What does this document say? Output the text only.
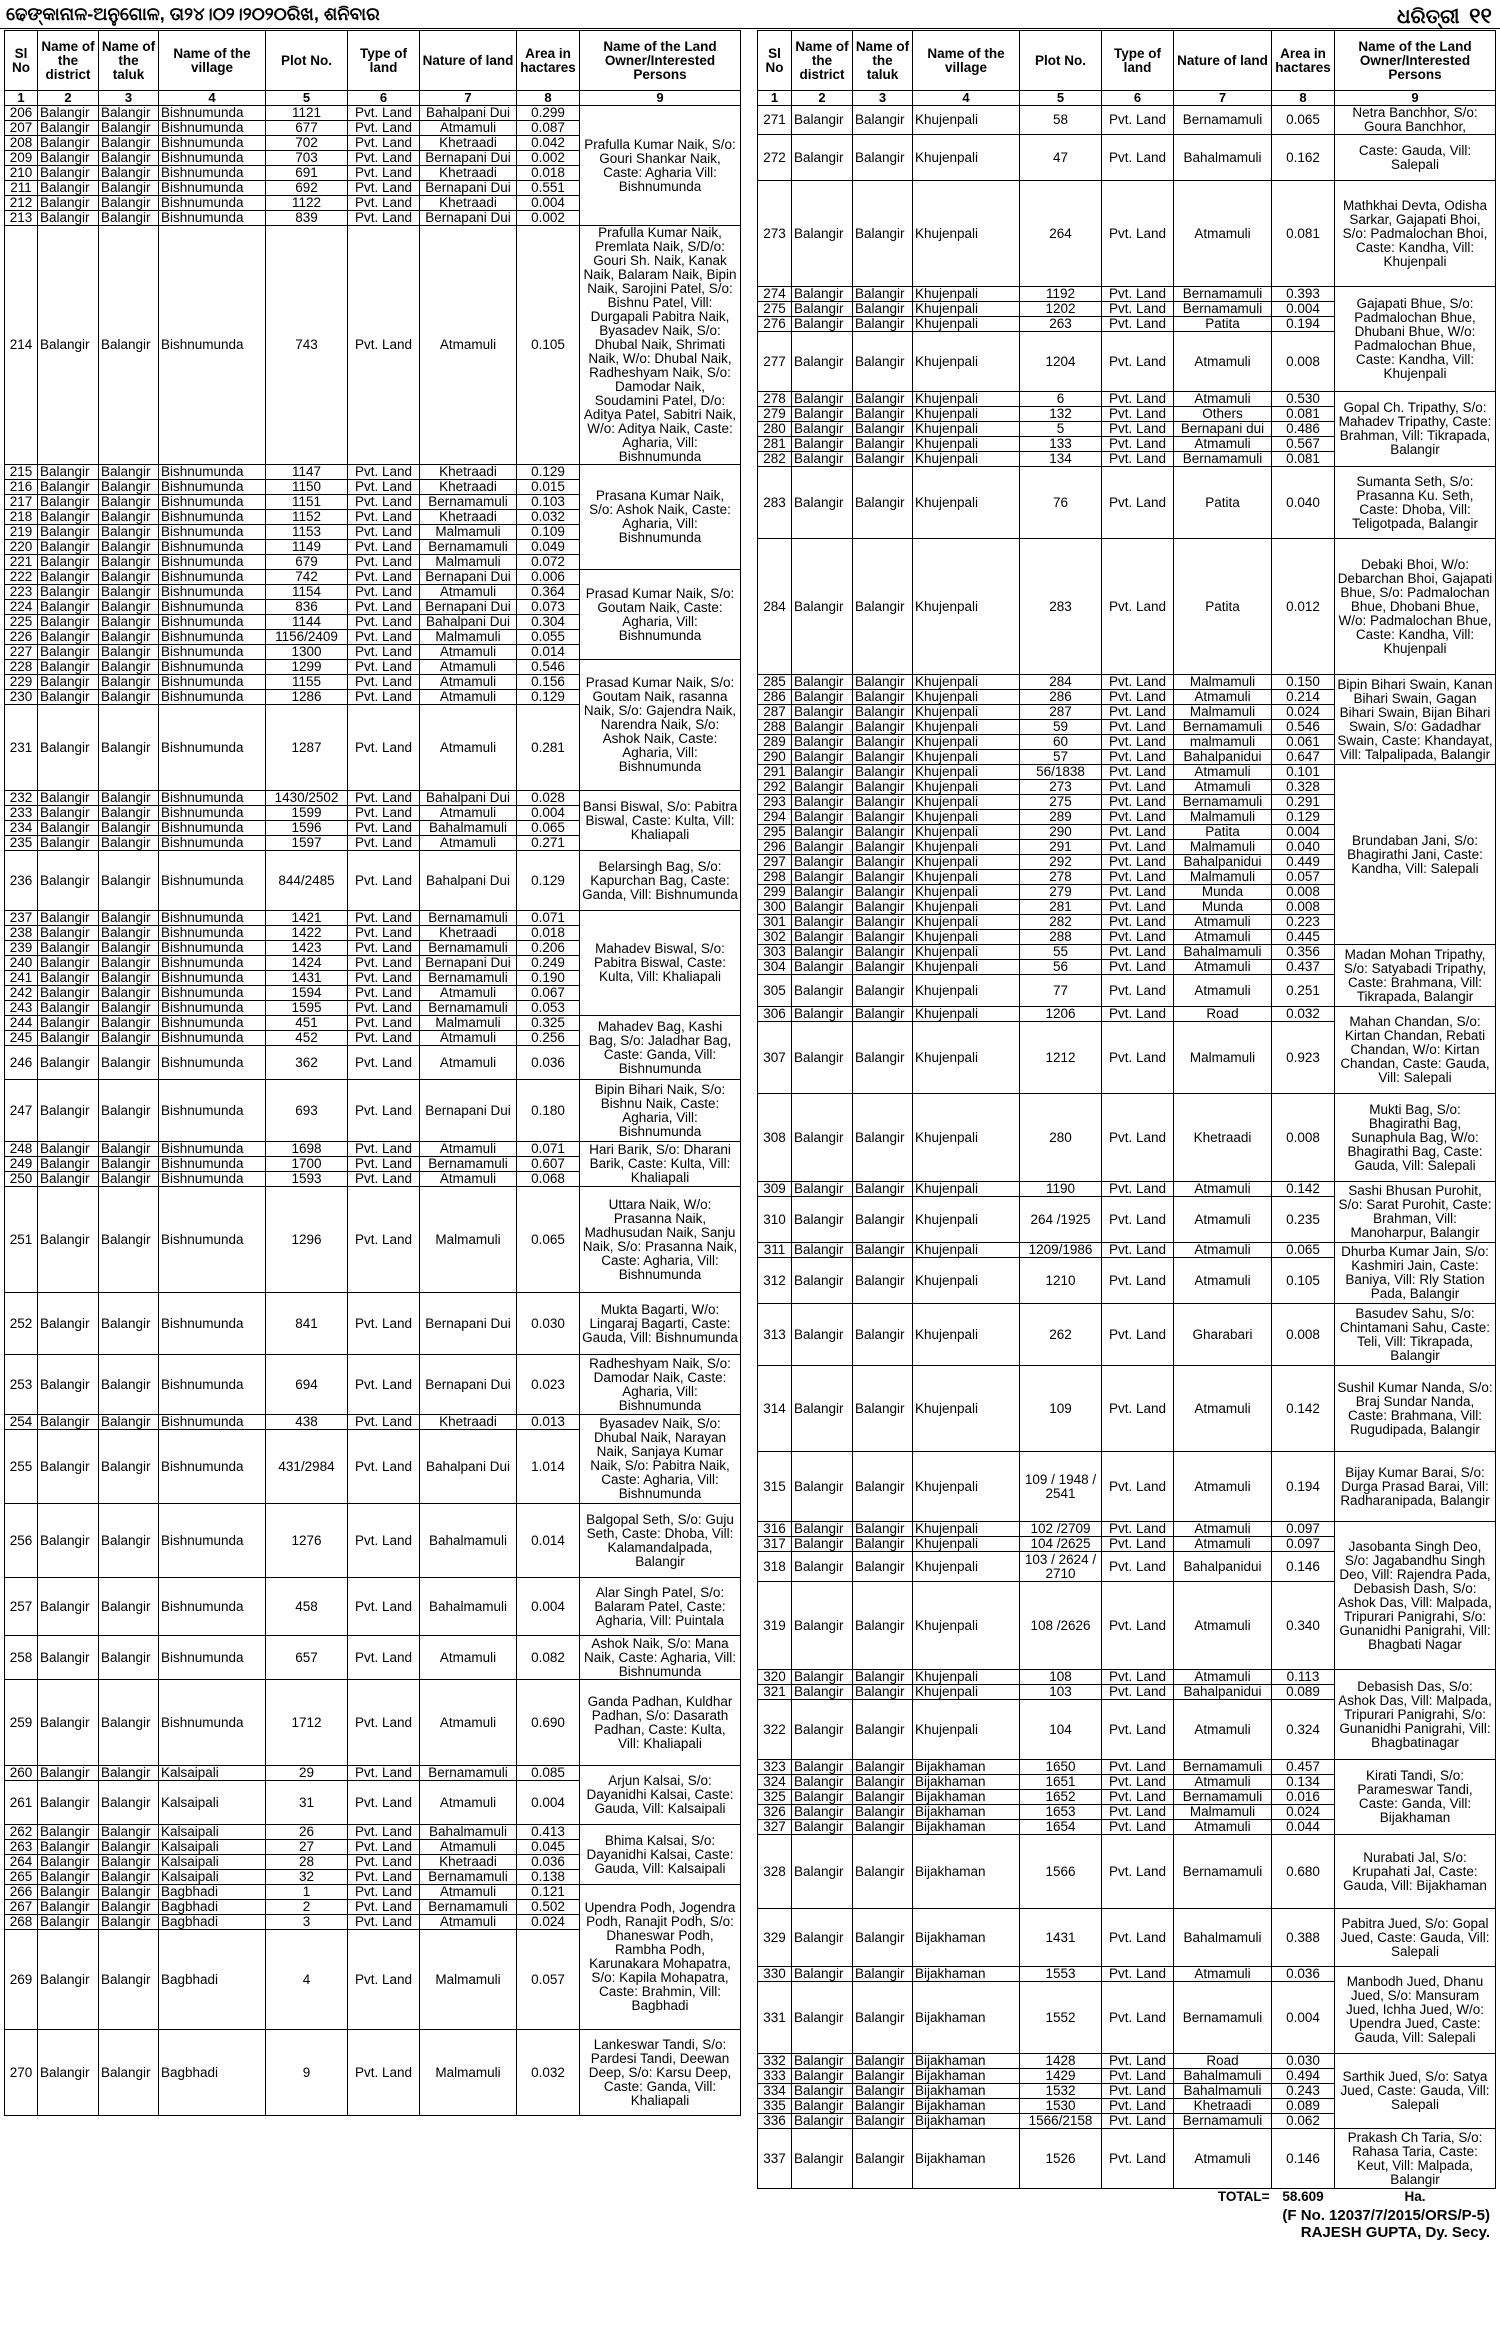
ଢେଙ୍କାନାଳ-ଅନୁଗୋଳ, ତା୨୪।୦୨।୨୦୨୦ରିଖ, ଶନିବାର	ଧରିତ୍ରୀ ୧୧
Sl No	Name of the district	Name of the taluk	Name of the village	Plot No.	Type of land	Nature of land	Area in hactares	Name of the Land Owner/Interested Persons
1	2	3	4	5	6	7	8	9
206	Balangir	Balangir	Bishnumunda	1121	Pvt. Land	Bahalpani Dui	0.299	Prafulla Kumar Naik, S/o: Gouri Shankar Naik, Caste: Agharia Vill: Bishnumunda
207	Balangir	Balangir	Bishnumunda	677	Pvt. Land	Atmamuli	0.087	
208	Balangir	Balangir	Bishnumunda	702	Pvt. Land	Khetraadi	0.042	
209	Balangir	Balangir	Bishnumunda	703	Pvt. Land	Bernapani Dui	0.002	
210	Balangir	Balangir	Bishnumunda	691	Pvt. Land	Khetraadi	0.018	
211	Balangir	Balangir	Bishnumunda	692	Pvt. Land	Bernapani Dui	0.551	
212	Balangir	Balangir	Bishnumunda	1122	Pvt. Land	Khetraadi	0.004	
213	Balangir	Balangir	Bishnumunda	839	Pvt. Land	Bernapani Dui	0.002	
214	Balangir	Balangir	Bishnumunda	743	Pvt. Land	Atmamuli	0.105	Prafulla Kumar Naik, Premlata Naik, S/D/o: Gouri Sh. Naik, Kanak Naik, Balaram Naik, Bipin Naik, Sarojini Patel, S/o: Bishnu Patel, Vill: Durgapali Pabitra Naik, Byasadev Naik, S/o: Dhubal Naik, Shrimati Naik, W/o: Dhubal Naik, Radheshyam Naik, S/o: Damodar Naik, Soudamini Patel, D/o: Aditya Patel, Sabitri Naik, W/o: Aditya Naik, Caste: Agharia, Vill: Bishnumunda
215	Balangir	Balangir	Bishnumunda	1147	Pvt. Land	Khetraadi	0.129	Prasana Kumar Naik, S/o: Ashok Naik, Caste: Agharia, Vill: Bishnumunda
216	Balangir	Balangir	Bishnumunda	1150	Pvt. Land	Khetraadi	0.015	
217	Balangir	Balangir	Bishnumunda	1151	Pvt. Land	Bernamamuli	0.103	
218	Balangir	Balangir	Bishnumunda	1152	Pvt. Land	Khetraadi	0.032	
219	Balangir	Balangir	Bishnumunda	1153	Pvt. Land	Malmamuli	0.109	
220	Balangir	Balangir	Bishnumunda	1149	Pvt. Land	Bernamamuli	0.049	
221	Balangir	Balangir	Bishnumunda	679	Pvt. Land	Malmamuli	0.072	
222	Balangir	Balangir	Bishnumunda	742	Pvt. Land	Bernapani Dui	0.006	Prasad Kumar Naik, S/o: Goutam Naik, Caste: Agharia, Vill: Bishnumunda
223	Balangir	Balangir	Bishnumunda	1154	Pvt. Land	Atmamuli	0.364	
224	Balangir	Balangir	Bishnumunda	836	Pvt. Land	Bernapani Dui	0.073	
225	Balangir	Balangir	Bishnumunda	1144	Pvt. Land	Bahalpani Dui	0.304	
226	Balangir	Balangir	Bishnumunda	1156/2409	Pvt. Land	Malmamuli	0.055	
227	Balangir	Balangir	Bishnumunda	1300	Pvt. Land	Atmamuli	0.014	
228	Balangir	Balangir	Bishnumunda	1299	Pvt. Land	Atmamuli	0.546	Prasad Kumar Naik, S/o: Goutam Naik, rasanna Naik, S/o: Gajendra Naik, Narendra Naik, S/o: Ashok Naik, Caste: Agharia, Vill: Bishnumunda
229	Balangir	Balangir	Bishnumunda	1155	Pvt. Land	Atmamuli	0.156	
230	Balangir	Balangir	Bishnumunda	1286	Pvt. Land	Atmamuli	0.129	
231	Balangir	Balangir	Bishnumunda	1287	Pvt. Land	Atmamuli	0.281	
232	Balangir	Balangir	Bishnumunda	1430/2502	Pvt. Land	Bahalpani Dui	0.028	Bansi Biswal, S/o: Pabitra Biswal, Caste: Kulta, Vill: Khaliapali
233	Balangir	Balangir	Bishnumunda	1599	Pvt. Land	Atmamuli	0.004	
234	Balangir	Balangir	Bishnumunda	1596	Pvt. Land	Bahalmamuli	0.065	
235	Balangir	Balangir	Bishnumunda	1597	Pvt. Land	Atmamuli	0.271	
236	Balangir	Balangir	Bishnumunda	844/2485	Pvt. Land	Bahalpani Dui	0.129	Belarsingh Bag, S/o: Kapurchan Bag, Caste: Ganda, Vill: Bishnumunda
237	Balangir	Balangir	Bishnumunda	1421	Pvt. Land	Bernamamuli	0.071	Mahadev Biswal, S/o: Pabitra Biswal, Caste: Kulta, Vill: Khaliapali
238	Balangir	Balangir	Bishnumunda	1422	Pvt. Land	Khetraadi	0.018	
239	Balangir	Balangir	Bishnumunda	1423	Pvt. Land	Bernamamuli	0.206	
240	Balangir	Balangir	Bishnumunda	1424	Pvt. Land	Bernapani Dui	0.249	
241	Balangir	Balangir	Bishnumunda	1431	Pvt. Land	Bernamamuli	0.190	
242	Balangir	Balangir	Bishnumunda	1594	Pvt. Land	Atmamuli	0.067	
243	Balangir	Balangir	Bishnumunda	1595	Pvt. Land	Bernamamuli	0.053	
244	Balangir	Balangir	Bishnumunda	451	Pvt. Land	Malmamuli	0.325	Mahadev Bag, Kashi Bag, S/o: Jaladhar Bag, Caste: Ganda, Vill: Bishnumunda
245	Balangir	Balangir	Bishnumunda	452	Pvt. Land	Atmamuli	0.256	
246	Balangir	Balangir	Bishnumunda	362	Pvt. Land	Atmamuli	0.036	
247	Balangir	Balangir	Bishnumunda	693	Pvt. Land	Bernapani Dui	0.180	Bipin Bihari Naik, S/o: Bishnu Naik, Caste: Agharia, Vill: Bishnumunda
248	Balangir	Balangir	Bishnumunda	1698	Pvt. Land	Atmamuli	0.071	Hari Barik, S/o: Dharani Barik, Caste: Kulta, Vill: Khaliapali
249	Balangir	Balangir	Bishnumunda	1700	Pvt. Land	Bernamamuli	0.607	
250	Balangir	Balangir	Bishnumunda	1593	Pvt. Land	Atmamuli	0.068	
251	Balangir	Balangir	Bishnumunda	1296	Pvt. Land	Malmamuli	0.065	Uttara Naik, W/o: Prasanna Naik, Madhusudan Naik, Sanju Naik, S/o: Prasanna Naik, Caste: Agharia, Vill: Bishnumunda
252	Balangir	Balangir	Bishnumunda	841	Pvt. Land	Bernapani Dui	0.030	Mukta Bagarti, W/o: Lingaraj Bagarti, Caste: Gauda, Vill: Bishnumunda
253	Balangir	Balangir	Bishnumunda	694	Pvt. Land	Bernapani Dui	0.023	Radheshyam Naik, S/o: Damodar Naik, Caste: Agharia, Vill: Bishnumunda
254	Balangir	Balangir	Bishnumunda	438	Pvt. Land	Khetraadi	0.013	Byasadev Naik, S/o: Dhubal Naik, Narayan Naik, Sanjaya Kumar Naik, S/o: Pabitra Naik, Caste: Agharia, Vill: Bishnumunda
255	Balangir	Balangir	Bishnumunda	431/2984	Pvt. Land	Bahalpani Dui	1.014	
256	Balangir	Balangir	Bishnumunda	1276	Pvt. Land	Bahalmamuli	0.014	Balgopal Seth, S/o: Guju Seth, Caste: Dhoba, Vill: Kalamandalpada, Balangir
257	Balangir	Balangir	Bishnumunda	458	Pvt. Land	Bahalmamuli	0.004	Alar Singh Patel, S/o: Balaram Patel, Caste: Agharia, Vill: Puintala
258	Balangir	Balangir	Bishnumunda	657	Pvt. Land	Atmamuli	0.082	Ashok Naik, S/o: Mana Naik, Caste: Agharia, Vill: Bishnumunda
259	Balangir	Balangir	Bishnumunda	1712	Pvt. Land	Atmamuli	0.690	Ganda Padhan, Kuldhar Padhan, S/o: Dasarath Padhan, Caste: Kulta, Vill: Khaliapali
260	Balangir	Balangir	Kalsaipali	29	Pvt. Land	Bernamamuli	0.085	Arjun Kalsai, S/o: Dayanidhi Kalsai, Caste: Gauda, Vill: Kalsaipali
261	Balangir	Balangir	Kalsaipali	31	Pvt. Land	Atmamuli	0.004	
262	Balangir	Balangir	Kalsaipali	26	Pvt. Land	Bahalmamuli	0.413	Bhima Kalsai, S/o: Dayanidhi Kalsai, Caste: Gauda, Vill: Kalsaipali
263	Balangir	Balangir	Kalsaipali	27	Pvt. Land	Atmamuli	0.045	
264	Balangir	Balangir	Kalsaipali	28	Pvt. Land	Khetraadi	0.036	
265	Balangir	Balangir	Kalsaipali	32	Pvt. Land	Bernamamuli	0.138	
266	Balangir	Balangir	Bagbhadi	1	Pvt. Land	Atmamuli	0.121	Upendra Podh, Jogendra Podh, Ranajit Podh, S/o: Dhaneswar Podh, Rambha Podh, Karunakara Mohapatra, S/o: Kapila Mohapatra, Caste: Brahmin, Vill: Bagbhadi
267	Balangir	Balangir	Bagbhadi	2	Pvt. Land	Bernamamuli	0.502	
268	Balangir	Balangir	Bagbhadi	3	Pvt. Land	Atmamuli	0.024	
269	Balangir	Balangir	Bagbhadi	4	Pvt. Land	Malmamuli	0.057	
270	Balangir	Balangir	Bagbhadi	9	Pvt. Land	Malmamuli	0.032	Lankeswar Tandi, S/o: Pardesi Tandi, Deewan Deep, S/o: Karsu Deep, Caste: Ganda, Vill: Khaliapali
Sl No	Name of the district	Name of the taluk	Name of the village	Plot No.	Type of land	Nature of land	Area in hactares	Name of the Land Owner/Interested Persons
1	2	3	4	5	6	7	8	9
271	Balangir	Balangir	Khujenpali	58	Pvt. Land	Bernamamuli	0.065	Netra Banchhor, S/o: Goura Banchhor,
272	Balangir	Balangir	Khujenpali	47	Pvt. Land	Bahalmamuli	0.162	Caste: Gauda, Vill: Salepali
273	Balangir	Balangir	Khujenpali	264	Pvt. Land	Atmamuli	0.081	Mathkhai Devta, Odisha Sarkar, Gajapati Bhoi, S/o: Padmalochan Bhoi, Caste: Kandha, Vill: Khujenpali
274	Balangir	Balangir	Khujenpali	1192	Pvt. Land	Bernamamuli	0.393	Gajapati Bhue, S/o: Padmalochan Bhue, Dhubani Bhue, W/o: Padmalochan Bhue, Caste: Kandha, Vill: Khujenpali
275	Balangir	Balangir	Khujenpali	1202	Pvt. Land	Bernamamuli	0.004	
276	Balangir	Balangir	Khujenpali	263	Pvt. Land	Patita	0.194	
277	Balangir	Balangir	Khujenpali	1204	Pvt. Land	Atmamuli	0.008	
278	Balangir	Balangir	Khujenpali	6	Pvt. Land	Atmamuli	0.530	Gopal Ch. Tripathy, S/o: Mahadev Tripathy, Caste: Brahman, Vill: Tikrapada, Balangir
279	Balangir	Balangir	Khujenpali	132	Pvt. Land	Others	0.081	
280	Balangir	Balangir	Khujenpali	5	Pvt. Land	Bernapani dui	0.486	
281	Balangir	Balangir	Khujenpali	133	Pvt. Land	Atmamuli	0.567	
282	Balangir	Balangir	Khujenpali	134	Pvt. Land	Bernamamuli	0.081	
283	Balangir	Balangir	Khujenpali	76	Pvt. Land	Patita	0.040	Sumanta Seth, S/o: Prasanna Ku. Seth, Caste: Dhoba, Vill: Teligotpada, Balangir
284	Balangir	Balangir	Khujenpali	283	Pvt. Land	Patita	0.012	Debaki Bhoi, W/o: Debarchan Bhoi, Gajapati Bhue, S/o: Padmalochan Bhue, Dhobani Bhue, W/o: Padmalochan Bhue, Caste: Kandha, Vill: Khujenpali
285	Balangir	Balangir	Khujenpali	284	Pvt. Land	Malmamuli	0.150	Bipin Bihari Swain, Kanan Bihari Swain, Gagan Bihari Swain, Bijan Bihari Swain, S/o: Gadadhar Swain, Caste: Khandayat, Vill: Talpalipada, Balangir
286	Balangir	Balangir	Khujenpali	286	Pvt. Land	Atmamuli	0.214	
287	Balangir	Balangir	Khujenpali	287	Pvt. Land	Malmamuli	0.024	
288	Balangir	Balangir	Khujenpali	59	Pvt. Land	Bernamamuli	0.546	
289	Balangir	Balangir	Khujenpali	60	Pvt. Land	malmamuli	0.061	
290	Balangir	Balangir	Khujenpali	57	Pvt. Land	Bahalpanidui	0.647	
291	Balangir	Balangir	Khujenpali	56/1838	Pvt. Land	Atmamuli	0.101	Brundaban Jani, S/o: Bhagirathi Jani, Caste: Kandha, Vill: Salepali
292	Balangir	Balangir	Khujenpali	273	Pvt. Land	Atmamuli	0.328	
293	Balangir	Balangir	Khujenpali	275	Pvt. Land	Bernamamuli	0.291	
294	Balangir	Balangir	Khujenpali	289	Pvt. Land	Malmamuli	0.129	
295	Balangir	Balangir	Khujenpali	290	Pvt. Land	Patita	0.004	
296	Balangir	Balangir	Khujenpali	291	Pvt. Land	Malmamuli	0.040	
297	Balangir	Balangir	Khujenpali	292	Pvt. Land	Bahalpanidui	0.449	
298	Balangir	Balangir	Khujenpali	278	Pvt. Land	Malmamuli	0.057	
299	Balangir	Balangir	Khujenpali	279	Pvt. Land	Munda	0.008	
300	Balangir	Balangir	Khujenpali	281	Pvt. Land	Munda	0.008	
301	Balangir	Balangir	Khujenpali	282	Pvt. Land	Atmamuli	0.223	
302	Balangir	Balangir	Khujenpali	288	Pvt. Land	Atmamuli	0.445	
303	Balangir	Balangir	Khujenpali	55	Pvt. Land	Bahalmamuli	0.356	Madan Mohan Tripathy, S/o: Satyabadi Tripathy, Caste: Brahmana, Vill: Tikrapada, Balangir
304	Balangir	Balangir	Khujenpali	56	Pvt. Land	Atmamuli	0.437	
305	Balangir	Balangir	Khujenpali	77	Pvt. Land	Atmamuli	0.251	
306	Balangir	Balangir	Khujenpali	1206	Pvt. Land	Road	0.032	Mahan Chandan, S/o: Kirtan Chandan, Rebati Chandan, W/o: Kirtan Chandan, Caste: Gauda, Vill: Salepali
307	Balangir	Balangir	Khujenpali	1212	Pvt. Land	Malmamuli	0.923	
308	Balangir	Balangir	Khujenpali	280	Pvt. Land	Khetraadi	0.008	Mukti Bag, S/o: Bhagirathi Bag, Sunaphula Bag, W/o: Bhagirathi Bag, Caste: Gauda, Vill: Salepali
309	Balangir	Balangir	Khujenpali	1190	Pvt. Land	Atmamuli	0.142	Sashi Bhusan Purohit, S/o: Sarat Purohit, Caste: Brahman, Vill: Manoharpur, Balangir
310	Balangir	Balangir	Khujenpali	264 /1925	Pvt. Land	Atmamuli	0.235	
311	Balangir	Balangir	Khujenpali	1209/1986	Pvt. Land	Atmamuli	0.065	Dhurba Kumar Jain, S/o: Kashmiri Jain, Caste: Baniya, Vill: Rly Station Pada, Balangir
312	Balangir	Balangir	Khujenpali	1210	Pvt. Land	Atmamuli	0.105	
313	Balangir	Balangir	Khujenpali	262	Pvt. Land	Gharabari	0.008	Basudev Sahu, S/o: Chintamani Sahu, Caste: Teli, Vill: Tikrapada, Balangir
314	Balangir	Balangir	Khujenpali	109	Pvt. Land	Atmamuli	0.142	Sushil Kumar Nanda, S/o: Braj Sundar Nanda, Caste: Brahmana, Vill: Rugudipada, Balangir
315	Balangir	Balangir	Khujenpali	109 / 1948 / 2541	Pvt. Land	Atmamuli	0.194	Bijay Kumar Barai, S/o: Durga Prasad Barai, Vill: Radharanipada, Balangir
316	Balangir	Balangir	Khujenpali	102 /2709	Pvt. Land	Atmamuli	0.097	Jasobanta Singh Deo, S/o: Jagabandhu Singh Deo, Vill: Rajendra Pada, Debasish Dash, S/o: Ashok Das, Vill: Malpada, Tripurari Panigrahi, S/o: Gunanidhi Panigrahi, Vill: Bhagbati Nagar
317	Balangir	Balangir	Khujenpali	104 /2625	Pvt. Land	Atmamuli	0.097	
318	Balangir	Balangir	Khujenpali	103 / 2624 / 2710	Pvt. Land	Bahalpanidui	0.146	
319	Balangir	Balangir	Khujenpali	108 /2626	Pvt. Land	Atmamuli	0.340	
320	Balangir	Balangir	Khujenpali	108	Pvt. Land	Atmamuli	0.113	Debasish Das, S/o: Ashok Das, Vill: Malpada, Tripurari Panigrahi, S/o: Gunanidhi Panigrahi, Vill: Bhagbatinagar
321	Balangir	Balangir	Khujenpali	103	Pvt. Land	Bahalpanidui	0.089	
322	Balangir	Balangir	Khujenpali	104	Pvt. Land	Atmamuli	0.324	
323	Balangir	Balangir	Bijakhaman	1650	Pvt. Land	Bernamamuli	0.457	Kirati Tandi, S/o: Parameswar Tandi, Caste: Ganda, Vill: Bijakhaman
324	Balangir	Balangir	Bijakhaman	1651	Pvt. Land	Atmamuli	0.134	
325	Balangir	Balangir	Bijakhaman	1652	Pvt. Land	Bernamamuli	0.016	
326	Balangir	Balangir	Bijakhaman	1653	Pvt. Land	Malmamuli	0.024	
327	Balangir	Balangir	Bijakhaman	1654	Pvt. Land	Atmamuli	0.044	
328	Balangir	Balangir	Bijakhaman	1566	Pvt. Land	Bernamamuli	0.680	Nurabati Jal, S/o: Krupahati Jal, Caste: Gauda, Vill: Bijakhaman
329	Balangir	Balangir	Bijakhaman	1431	Pvt. Land	Bahalmamuli	0.388	Pabitra Jued, S/o: Gopal Jued, Caste: Gauda, Vill: Salepali
330	Balangir	Balangir	Bijakhaman	1553	Pvt. Land	Atmamuli	0.036	Manbodh Jued, Dhanu Jued, S/o: Mansuram Jued, Ichha Jued, W/o: Upendra Jued, Caste: Gauda, Vill: Salepali
331	Balangir	Balangir	Bijakhaman	1552	Pvt. Land	Bernamamuli	0.004	
332	Balangir	Balangir	Bijakhaman	1428	Pvt. Land	Road	0.030	Sarthik Jued, S/o: Satya Jued, Caste: Gauda, Vill: Salepali
333	Balangir	Balangir	Bijakhaman	1429	Pvt. Land	Bahalmamuli	0.494	
334	Balangir	Balangir	Bijakhaman	1532	Pvt. Land	Bahalmamuli	0.243	
335	Balangir	Balangir	Bijakhaman	1530	Pvt. Land	Khetraadi	0.089	
336	Balangir	Balangir	Bijakhaman	1566/2158	Pvt. Land	Bernamamuli	0.062	
337	Balangir	Balangir	Bijakhaman	1526	Pvt. Land	Atmamuli	0.146	Prakash Ch Taria, S/o: Rahasa Taria, Caste: Keut, Vill: Malpada, Balangir
						TOTAL=	58.609	Ha.
(F No. 12037/7/2015/ORS/P-5)
RAJESH GUPTA, Dy. Secy.
